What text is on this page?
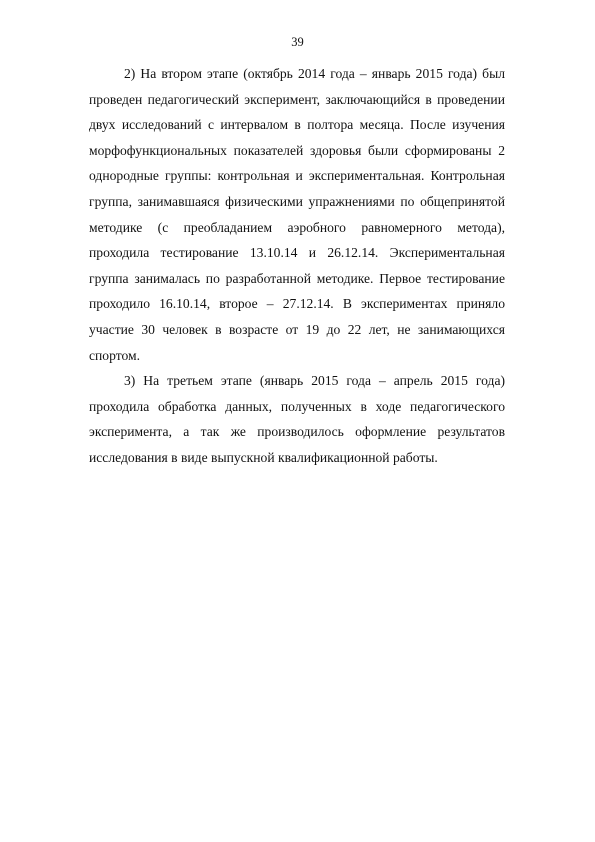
39

2) На втором этапе (октябрь 2014 года – январь 2015 года) был проведен педагогический эксперимент, заключающийся в проведении двух исследований с интервалом в полтора месяца. После изучения морфофункциональных показателей здоровья были сформированы 2 однородные группы: контрольная и экспериментальная. Контрольная группа, занимавшаяся физическими упражнениями по общепринятой методике (с преобладанием аэробного равномерного метода), проходила тестирование 13.10.14 и 26.12.14. Экспериментальная группа занималась по разработанной методике. Первое тестирование проходило 16.10.14, второе – 27.12.14. В экспериментах приняло участие 30 человек в возрасте от 19 до 22 лет, не занимающихся спортом.

3) На третьем этапе (январь 2015 года – апрель 2015 года) проходила обработка данных, полученных в ходе педагогического эксперимента, а так же производилось оформление результатов исследования в виде выпускной квалификационной работы.
